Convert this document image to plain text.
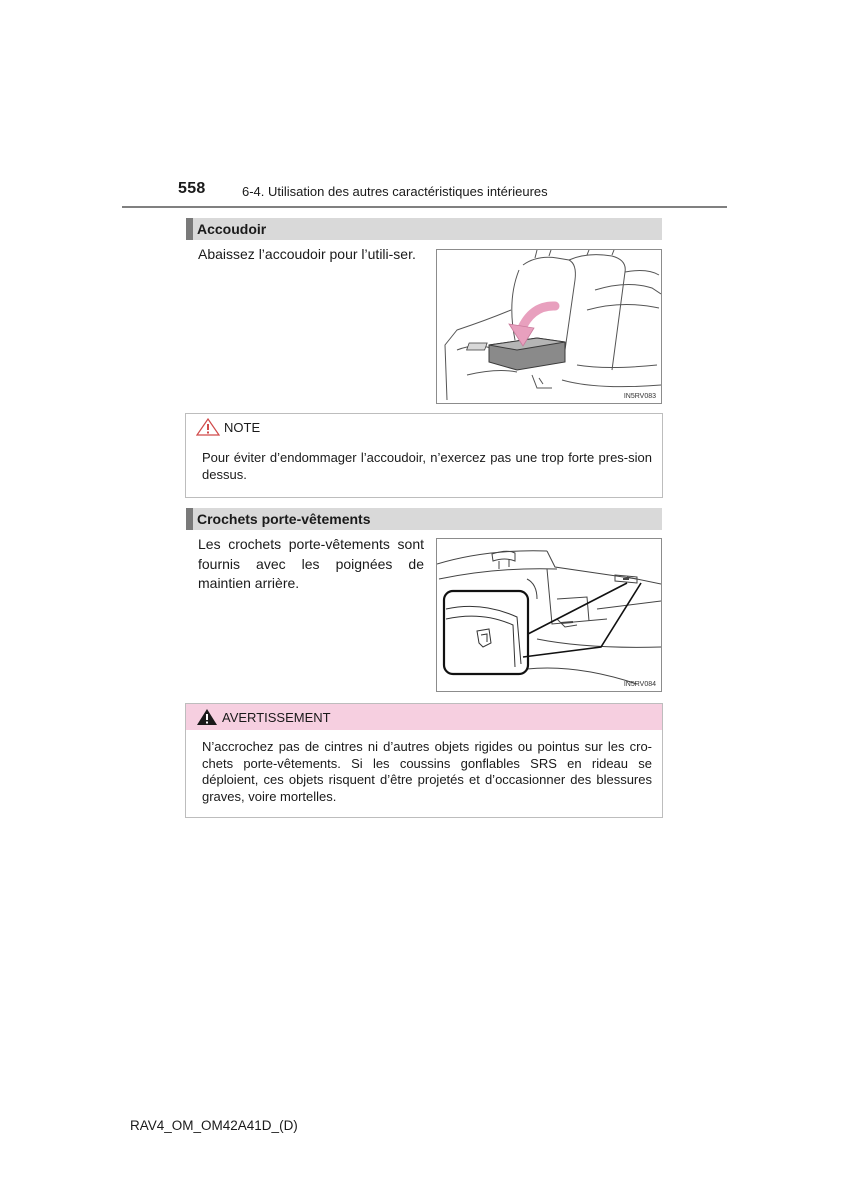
558	6-4. Utilisation des autres caractéristiques intérieures
Accoudoir
Abaissez l’accoudoir pour l’utili-ser.
IN5RV083
NOTE
Pour éviter d’endommager l’accoudoir, n’exercez pas une trop forte pres-sion dessus.
Crochets porte-vêtements
Les crochets porte-vêtements sont fournis avec les poignées de maintien arrière.
IN5RV084
AVERTISSEMENT
N’accrochez pas de cintres ni d’autres objets rigides ou pointus sur les cro-chets porte-vêtements. Si les coussins gonflables SRS en rideau se déploient, ces objets risquent d’être projetés et d’occasionner des blessures graves, voire mortelles.
RAV4_OM_OM42A41D_(D)
